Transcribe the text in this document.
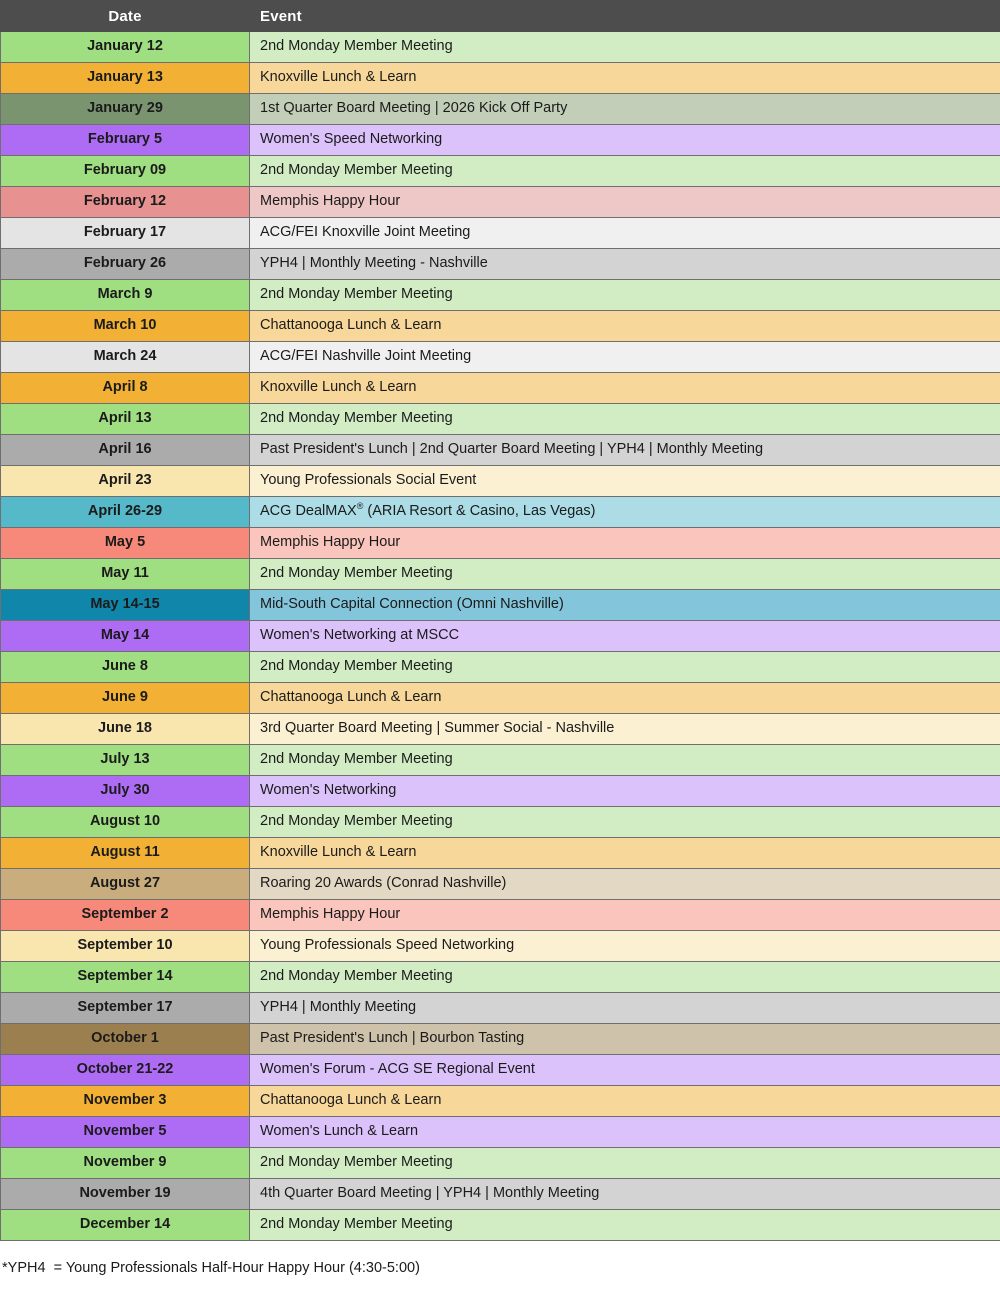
Date	Event
January 12	2nd Monday Member Meeting
January 13	Knoxville Lunch & Learn
January 29	1st Quarter Board Meeting | 2026 Kick Off Party
February 5	Women's Speed Networking
February 09	2nd Monday Member Meeting
February 12	Memphis Happy Hour
February 17	ACG/FEI Knoxville Joint Meeting
February 26	YPH4 | Monthly Meeting - Nashville
March 9	2nd Monday Member Meeting
March 10	Chattanooga Lunch & Learn
March 24	ACG/FEI Nashville Joint Meeting
April 8	Knoxville Lunch & Learn
April 13	2nd Monday Member Meeting
April 16	Past President's Lunch | 2nd Quarter Board Meeting | YPH4 | Monthly Meeting
April 23	Young Professionals Social Event
April 26-29	ACG DealMAX® (ARIA Resort & Casino, Las Vegas)
May 5	Memphis Happy Hour
May 11	2nd Monday Member Meeting
May 14-15	Mid-South Capital Connection (Omni Nashville)
May 14	Women's Networking at MSCC
June 8	2nd Monday Member Meeting
June 9	Chattanooga Lunch & Learn
June 18	3rd Quarter Board Meeting | Summer Social - Nashville
July 13	2nd Monday Member Meeting
July 30	Women's Networking
August 10	2nd Monday Member Meeting
August 11	Knoxville Lunch & Learn
August 27	Roaring 20 Awards (Conrad Nashville)
September 2	Memphis Happy Hour
September 10	Young Professionals Speed Networking
September 14	2nd Monday Member Meeting
September 17	YPH4 | Monthly Meeting
October 1	Past President's Lunch | Bourbon Tasting
October 21-22	Women's Forum - ACG SE Regional Event
November 3	Chattanooga Lunch & Learn
November 5	Women's Lunch & Learn
November 9	2nd Monday Member Meeting
November 19	4th Quarter Board Meeting | YPH4 | Monthly Meeting
December 14	2nd Monday Member Meeting
*YPH4  = Young Professionals Half-Hour Happy Hour (4:30-5:00)
